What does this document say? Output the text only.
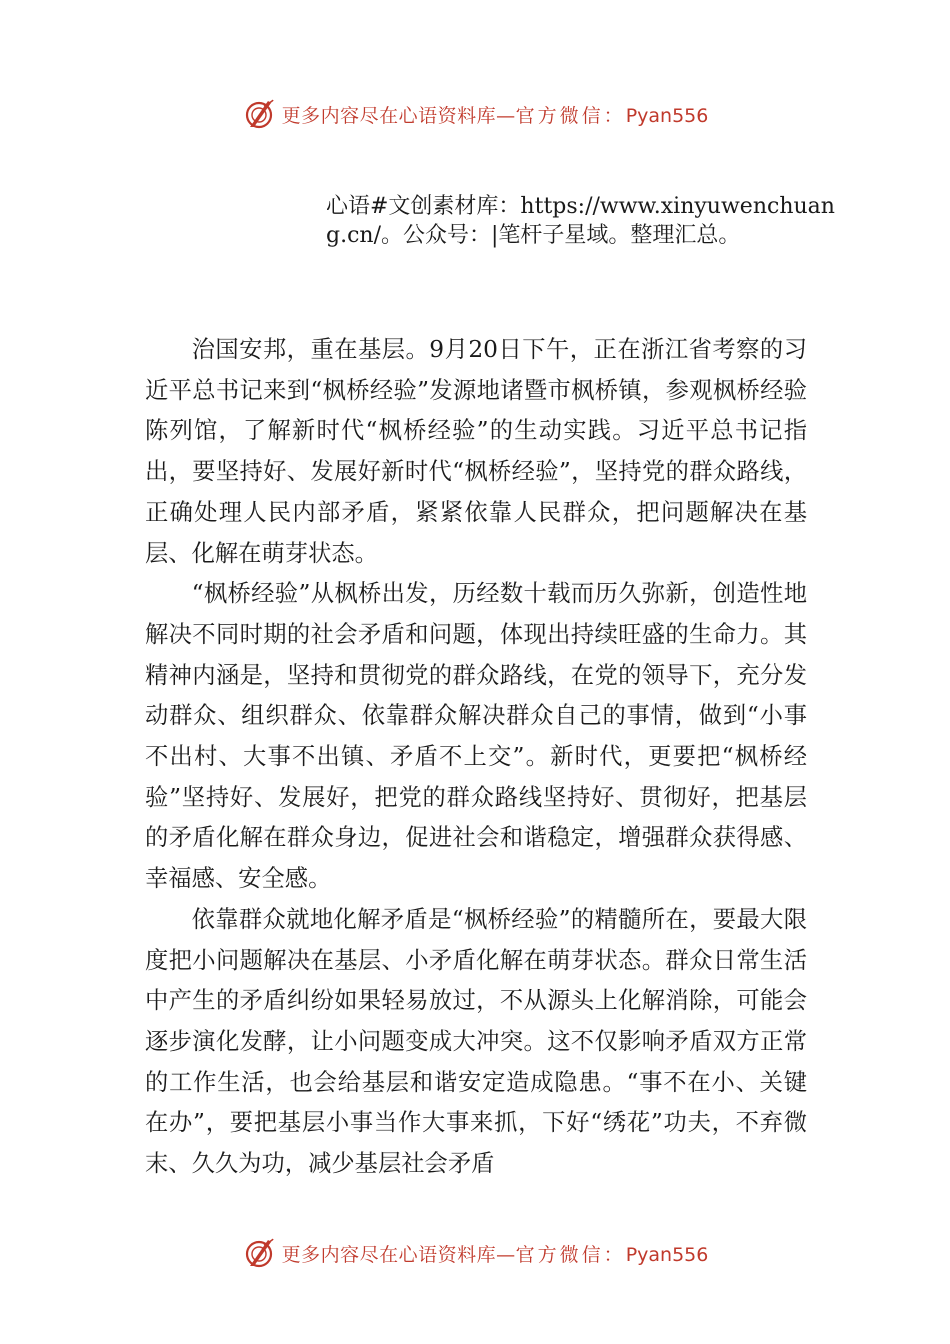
更多内容尽在心语资料库—官方微信：Pyan556
心语#文创素材库：https://www.xinyuwenchuang.cn/。公众号：|笔杆子星域。整理汇总。

治国安邦，重在基层。9月20日下午，正在浙江省考察的习近平总书记来到“枫桥经验”发源地诸暨市枫桥镇，参观枫桥经验陈列馆，了解新时代“枫桥经验”的生动实践。习近平总书记指出，要坚持好、发展好新时代“枫桥经验”，坚持党的群众路线，正确处理人民内部矛盾，紧紧依靠人民群众，把问题解决在基层、化解在萌芽状态。

“枫桥经验”从枫桥出发，历经数十载而历久弥新，创造性地解决不同时期的社会矛盾和问题，体现出持续旺盛的生命力。其精神内涵是，坚持和贯彻党的群众路线，在党的领导下，充分发动群众、组织群众、依靠群众解决群众自己的事情，做到“小事不出村、大事不出镇、矛盾不上交”。新时代，更要把“枫桥经验”坚持好、发展好，把党的群众路线坚持好、贯彻好，把基层的矛盾化解在群众身边，促进社会和谐稳定，增强群众获得感、幸福感、安全感。

依靠群众就地化解矛盾是“枫桥经验”的精髓所在，要最大限度把小问题解决在基层、小矛盾化解在萌芽状态。群众日常生活中产生的矛盾纠纷如果轻易放过，不从源头上化解消除，可能会逐步演化发酵，让小问题变成大冲突。这不仅影响矛盾双方正常的工作生活，也会给基层和谐安定造成隐患。“事不在小、关键在办”，要把基层小事当作大事来抓，下好“绣花”功夫，不弃微末、久久为功，减少基层社会矛盾

更多内容尽在心语资料库—官方微信：Pyan556
